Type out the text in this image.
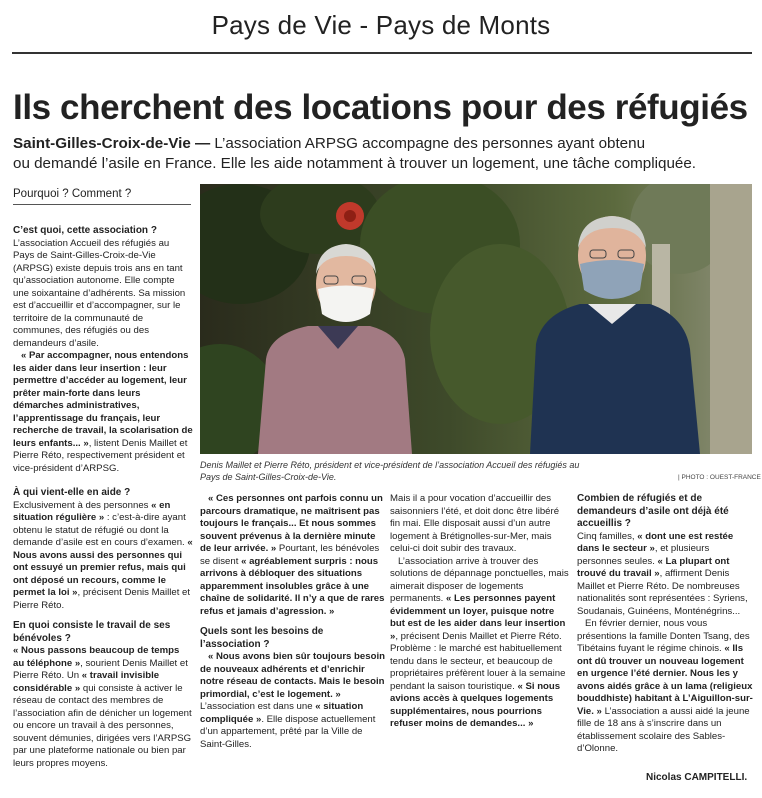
Pays de Vie - Pays de Monts
Ils cherchent des locations pour des réfugiés
Saint-Gilles-Croix-de-Vie — L’association ARPSG accompagne des personnes ayant obtenu
ou demandé l’asile en France. Elle les aide notamment à trouver un logement, une tâche compliquée.
Pourquoi ? Comment ?
| PHOTO : OUEST-FRANCE
Denis Maillet et Pierre Réto, président et vice-président de l’association Accueil des réfugiés au Pays de Saint-Gilles-Croix-de-Vie.
C’est quoi, cette association ?

L’association Accueil des réfugiés au Pays de Saint-Gilles-Croix-de-Vie (ARPSG) existe depuis trois ans en tant qu’association autonome. Elle compte une soixantaine d’adhérents. Sa mission est d’accueillir et d’accompagner, sur le territoire de la communauté de communes, des réfugiés ou des demandeurs d’asile.

« Par accompagner, nous entendons les aider dans leur insertion : leur permettre d’accéder au logement, leur prêter main-forte dans leurs démarches administratives, l’apprentissage du français, leur recherche de travail, la scolarisation de leurs enfants... », listent Denis Maillet et Pierre Réto, respectivement président et vice-président d’ARPSG.

À qui vient-elle en aide ?

Exclusivement à des personnes « en situation régulière » : c’est-à-dire ayant obtenu le statut de réfugié ou dont la demande d’asile est en cours d’examen. « Nous avons aussi des personnes qui ont essuyé un premier refus, mais qui ont déposé un recours, comme le permet la loi », précisent Denis Maillet et Pierre Réto.

En quoi consiste le travail de ses bénévoles ?

« Nous passons beaucoup de temps au téléphone », sourient Denis Maillet et Pierre Réto. Un « travail invisible considérable » qui consiste à activer le réseau de contact des membres de l’association afin de dénicher un logement ou encore un travail à des personnes, souvent démunies, dirigées vers l’ARPSG par une plateforme nationale ou bien par leurs propres moyens.

« Ces personnes ont parfois connu un parcours dramatique, ne maîtrisent pas toujours le français... Et nous sommes souvent prévenus à la dernière minute de leur arrivée. » Pourtant, les bénévoles se disent « agréablement surpris : nous arrivons à débloquer des situations apparemment insolubles grâce à une chaîne de solidarité. Il n’y a que de rares refus et jamais d’agression. »

Quels sont les besoins de l’association ?

« Nous avons bien sûr toujours besoin de nouveaux adhérents et d’enrichir notre réseau de contacts. Mais le besoin primordial, c’est le logement. » L’association est dans une « situation compliquée ». Elle dispose actuellement d’un appartement, prêté par la Ville de Saint-Gilles.

Mais il a pour vocation d’accueillir des saisonniers l’été, et doit donc être libéré fin mai. Elle disposait aussi d’un autre logement à Brétignolles-sur-Mer, mais celui-ci doit subir des travaux.

L’association arrive à trouver des solutions de dépannage ponctuelles, mais aimerait disposer de logements permanents. « Les personnes payent évidemment un loyer, puisque notre but est de les aider dans leur insertion », précisent Denis Maillet et Pierre Réto. Problème : le marché est habituellement tendu dans le secteur, et beaucoup de propriétaires préfèrent louer à la semaine pendant la saison touristique. « Si nous avions accès à quelques logements supplémentaires, nous pourrions refuser moins de demandes... »

Combien de réfugiés et de demandeurs d’asile ont déjà été accueillis ?

Cinq familles, « dont une est restée dans le secteur », et plusieurs personnes seules. « La plupart ont trouvé du travail », affirment Denis Maillet et Pierre Réto. De nombreuses nationalités sont représentées : Syriens, Soudanais, Guinéens, Monténégrins...

En février dernier, nous vous présentions la famille Donten Tsang, des Tibétains fuyant le régime chinois. « Ils ont dû trouver un nouveau logement en urgence l’été dernier. Nous les y avons aidés grâce à un lama (religieux bouddhiste) habitant à L’Aiguillon-sur-Vie. » L’association a aussi aidé la jeune fille de 18 ans à s’inscrire dans un établissement scolaire des Sables-d’Olonne.

Nicolas CAMPITELLI.
